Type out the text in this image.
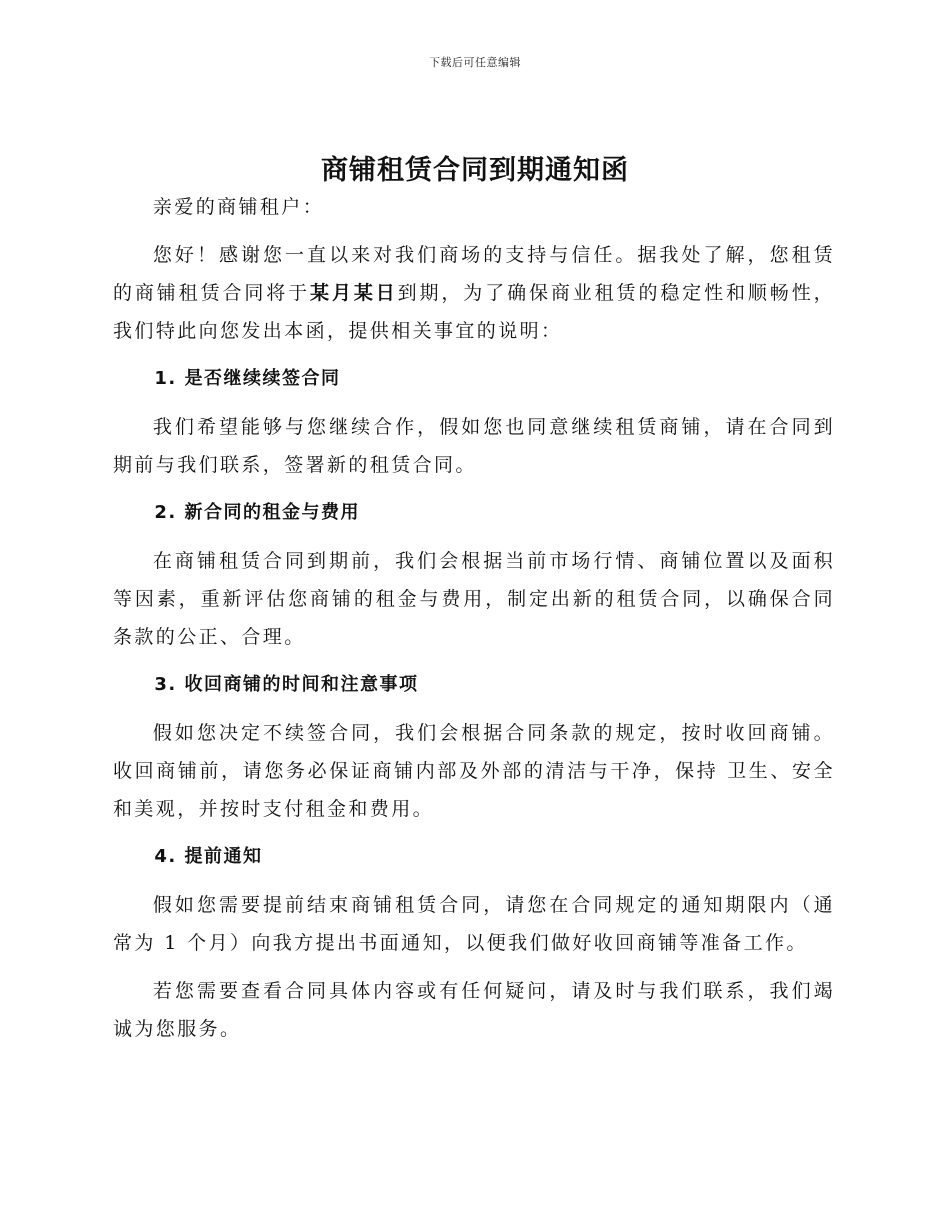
下载后可任意编辑
商铺租赁合同到期通知函

亲爱的商铺租户：

您好！感谢您一直以来对我们商场的支持与信任。据我处了解，您租赁的商铺租赁合同将于某月某日到期，为了确保商业租赁的稳定性和顺畅性，我们特此向您发出本函，提供相关事宜的说明：

1. 是否继续续签合同

我们希望能够与您继续合作，假如您也同意继续租赁商铺，请在合同到期前与我们联系，签署新的租赁合同。

2. 新合同的租金与费用

在商铺租赁合同到期前，我们会根据当前市场行情、商铺位置以及面积等因素，重新评估您商铺的租金与费用，制定出新的租赁合同，以确保合同条款的公正、合理。

3. 收回商铺的时间和注意事项

假如您决定不续签合同，我们会根据合同条款的规定，按时收回商铺。收回商铺前，请您务必保证商铺内部及外部的清洁与干净，保持 卫生、安全和美观，并按时支付租金和费用。

4. 提前通知

假如您需要提前结束商铺租赁合同，请您在合同规定的通知期限内（通常为 1 个月）向我方提出书面通知，以便我们做好收回商铺等准备工作。

若您需要查看合同具体内容或有任何疑问，请及时与我们联系，我们竭诚为您服务。
